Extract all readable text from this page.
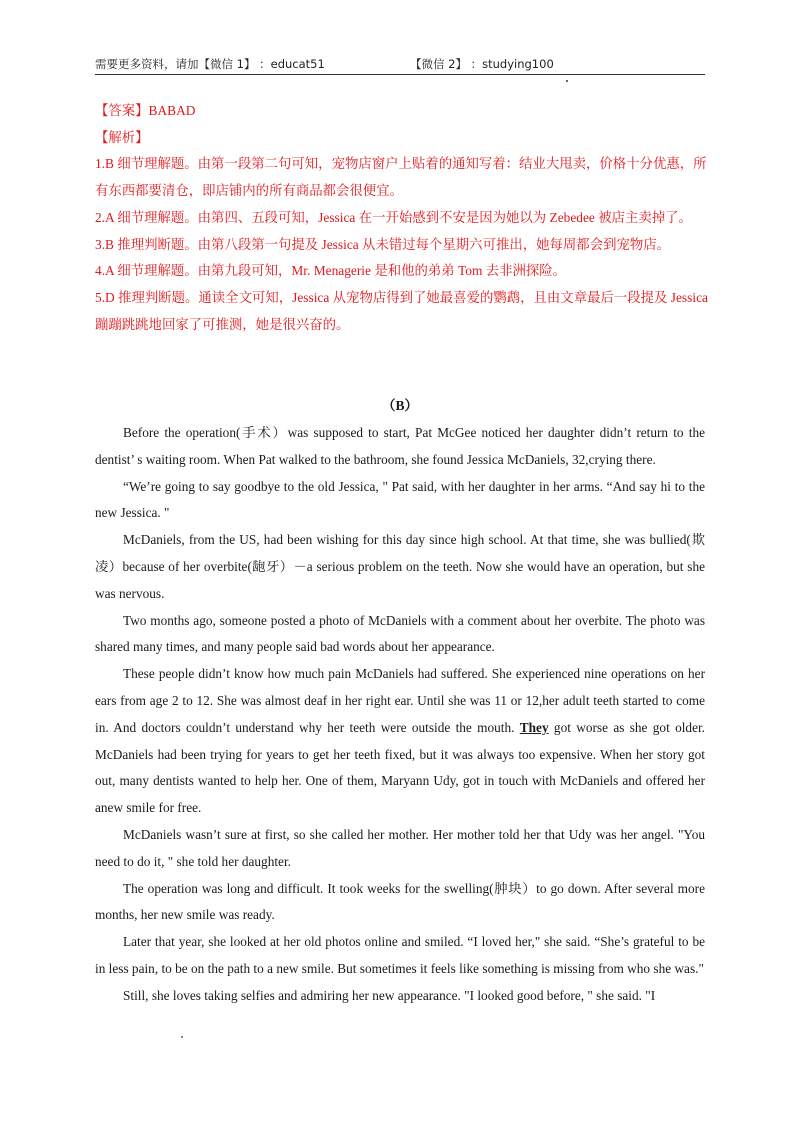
需要更多资料，请加【微信 1】 ：educat51	【微信 2】 ：studying100

【答案】BABAD

【解析】

1.B 细节理解题。由第一段第二句可知，宠物店窗户上贴着的通知写着：结业大甩卖，价格十分优惠，所有东西都要清仓，即店铺内的所有商品都会很便宜。

2.A 细节理解题。由第四、五段可知，Jessica 在一开始感到不安是因为她以为 Zebedee 被店主卖掉了。

3.B 推理判断题。由第八段第一句提及 Jessica 从未错过每个星期六可推出，她每周都会到宠物店。

4.A 细节理解题。由第九段可知，Mr. Menagerie 是和他的弟弟 Tom 去非洲探险。

5.D 推理判断题。通读全文可知，Jessica 从宠物店得到了她最喜爱的鹦鹉，且由文章最后一段提及 Jessica 蹦蹦跳跳地回家了可推测，她是很兴奋的。

（B）

Before the operation(手术）was supposed to start, Pat McGee noticed her daughter didn’t return to the dentist’ s waiting room. When Pat walked to the bathroom, she found Jessica McDaniels, 32,crying there.

“We’re going to say goodbye to the old Jessica, " Pat said, with her daughter in her arms. “And say hi to the new Jessica. "

McDaniels, from the US, had been wishing for this day since high school. At that time, she was bullied(欺凌）because of her overbite(龅牙）－a serious problem on the teeth. Now she would have an operation, but she was nervous.

Two months ago, someone posted a photo of McDaniels with a comment about her overbite. The photo was shared many times, and many people said bad words about her appearance.

These people didn’t know how much pain McDaniels had suffered. She experienced nine operations on her ears from age 2 to 12. She was almost deaf in her right ear. Until she was 11 or 12,her adult teeth started to come in. And doctors couldn’t understand why her teeth were outside the mouth. They got worse as she got older. McDaniels had been trying for years to get her teeth fixed, but it was always too expensive. When her story got out, many dentists wanted to help her. One of them, Maryann Udy, got in touch with McDaniels and offered her anew smile for free.

McDaniels wasn’t sure at first, so she called her mother. Her mother told her that Udy was her angel. "You need to do it, " she told her daughter.

The operation was long and difficult. It took weeks for the swelling(肿块）to go down. After several more months, her new smile was ready.

Later that year, she looked at her old photos online and smiled. “I loved her," she said. “She’s grateful to be in less pain, to be on the path to a new smile. But sometimes it feels like something is missing from who she was."

Still, she loves taking selfies and admiring her new appearance. "I looked good before, " she said. "I
